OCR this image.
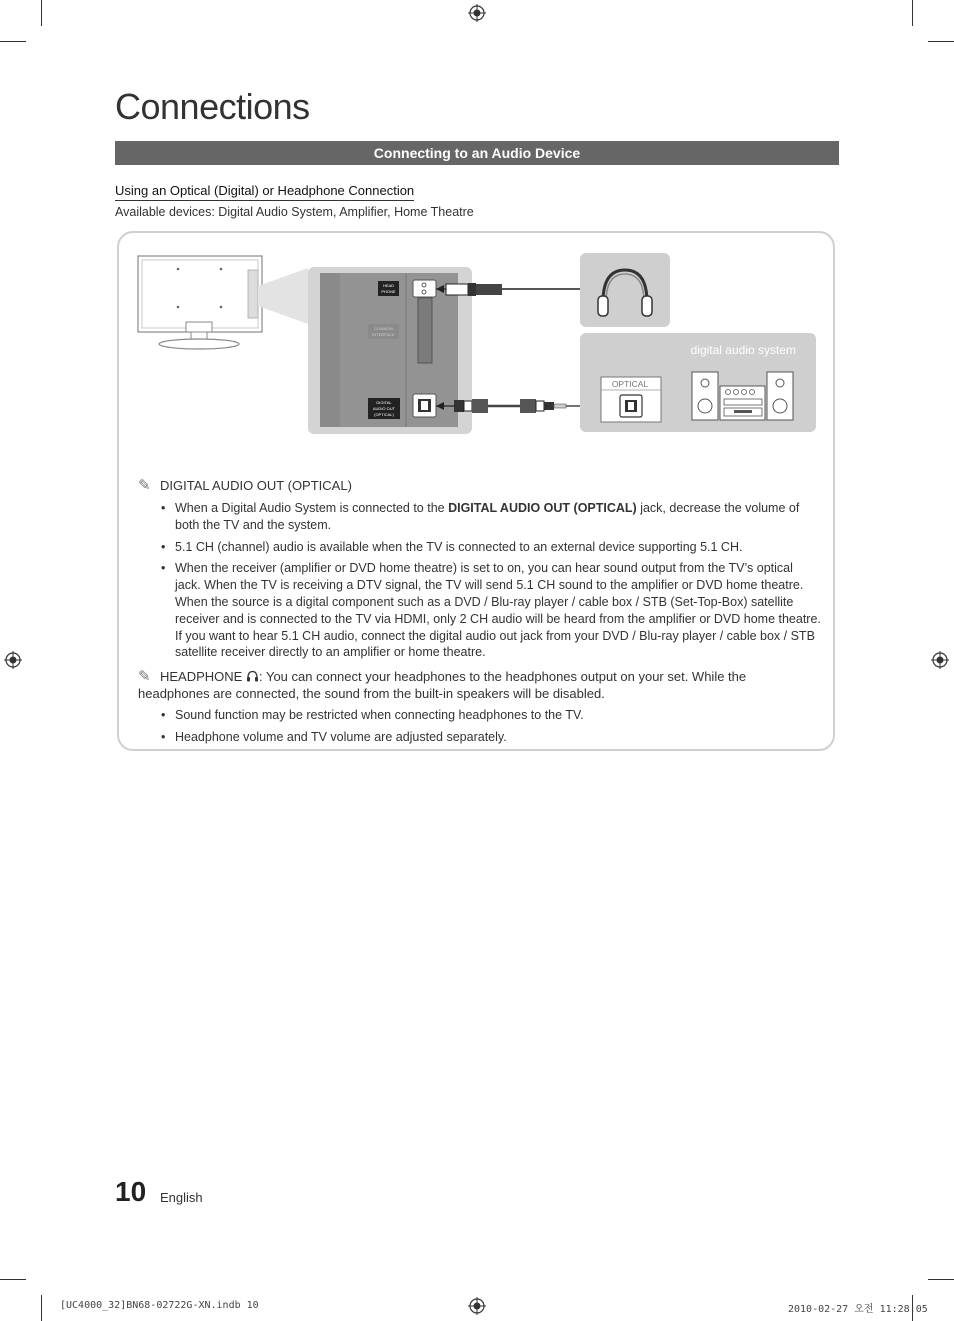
Connections
Connecting to an Audio Device
Using an Optical (Digital) or Headphone Connection
Available devices: Digital Audio System, Amplifier, Home Theatre
HEAD
PHONE
COMMON
INTERFACE
DIGITAL
AUDIO OUT
(OPTICAL)
digital audio system
OPTICAL
✎ DIGITAL AUDIO OUT (OPTICAL)
• When a Digital Audio System is connected to the DIGITAL AUDIO OUT (OPTICAL) jack, decrease the volume of both the TV and the system.
• 5.1 CH (channel) audio is available when the TV is connected to an external device supporting 5.1 CH.
• When the receiver (amplifier or DVD home theatre) is set to on, you can hear sound output from the TV’s optical jack. When the TV is receiving a DTV signal, the TV will send 5.1 CH sound to the amplifier or DVD home theatre. When the source is a digital component such as a DVD / Blu-ray player / cable box / STB (Set-Top-Box) satellite receiver and is connected to the TV via HDMI, only 2 CH audio will be heard from the amplifier or DVD home theatre. If you want to hear 5.1 CH audio, connect the digital audio out jack from your DVD / Blu-ray player / cable box / STB satellite receiver directly to an amplifier or home theatre.
✎ HEADPHONE : You can connect your headphones to the headphones output on your set. While the headphones are connected, the sound from the built-in speakers will be disabled.
• Sound function may be restricted when connecting headphones to the TV.
• Headphone volume and TV volume are adjusted separately.
10 English
[UC4000_32]BN68-02722G-XN.indb 10	2010-02-27 오전 11:28:05
